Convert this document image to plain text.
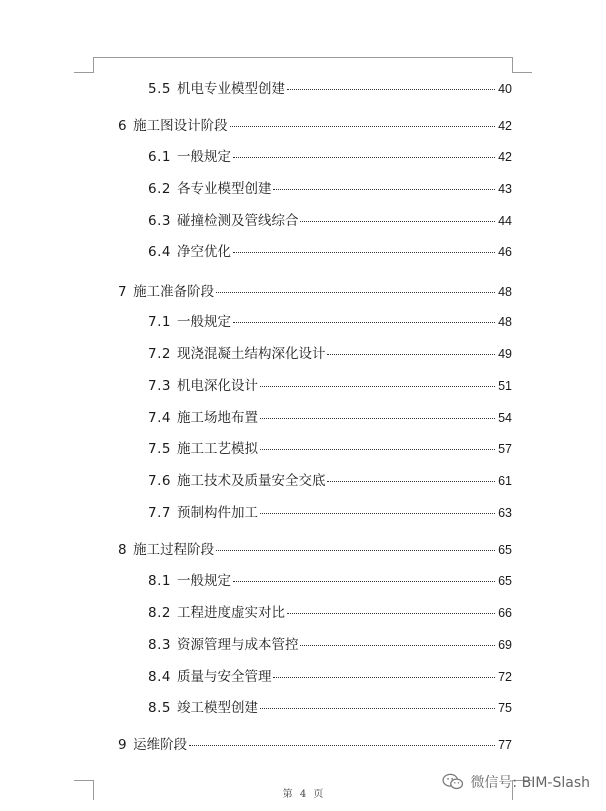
5.5 机电专业模型创建	40
6 施工图设计阶段	42
6.1 一般规定	42
6.2 各专业模型创建	43
6.3 碰撞检测及管线综合	44
6.4 净空优化	46
7 施工准备阶段	48
7.1 一般规定	48
7.2 现浇混凝土结构深化设计	49
7.3 机电深化设计	51
7.4 施工场地布置	54
7.5 施工工艺模拟	57
7.6 施工技术及质量安全交底	61
7.7 预制构件加工	63
8 施工过程阶段	65
8.1 一般规定	65
8.2 工程进度虚实对比	66
8.3 资源管理与成本管控	69
8.4 质量与安全管理	72
8.5 竣工模型创建	75
9 运维阶段	77
第 4 页
微信号: BIM-Slash
